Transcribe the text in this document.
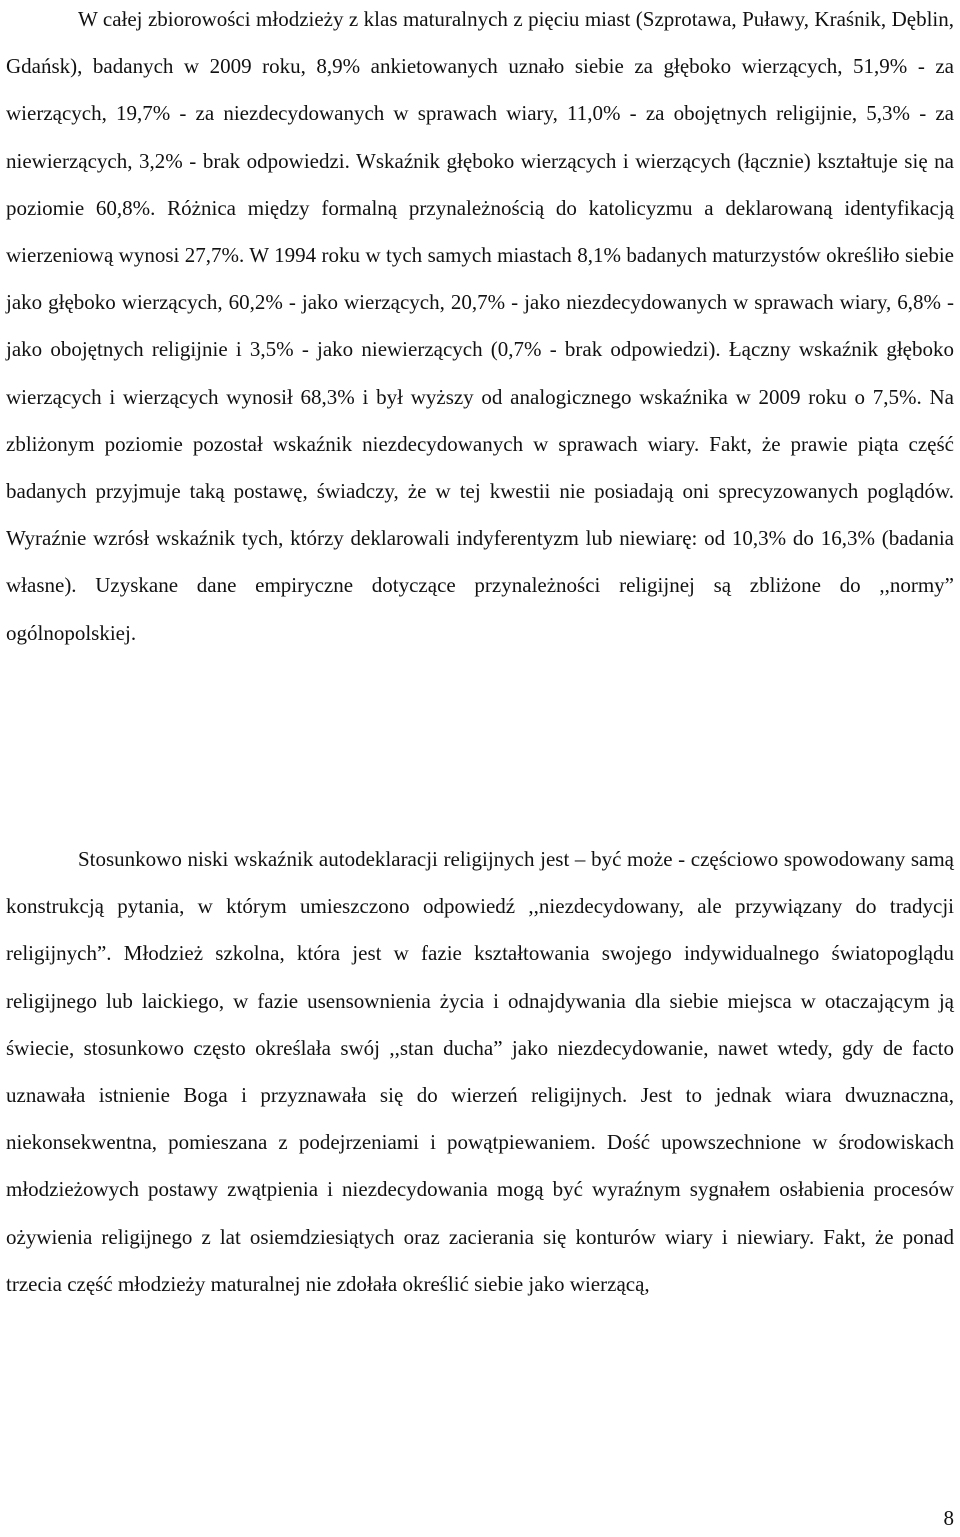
W całej zbiorowości młodzieży z klas maturalnych z pięciu miast (Szprotawa, Puławy, Kraśnik, Dęblin, Gdańsk), badanych w 2009 roku, 8,9% ankietowanych uznało siebie za głęboko wierzących, 51,9% - za wierzących, 19,7% - za niezdecydowanych w sprawach wiary, 11,0% - za obojętnych religijnie, 5,3% - za niewierzących, 3,2% - brak odpowiedzi. Wskaźnik głęboko wierzących i wierzących (łącznie) kształtuje się na poziomie 60,8%. Różnica między formalną przynależnością do katolicyzmu a deklarowaną identyfikacją wierzeniową wynosi 27,7%. W 1994 roku w tych samych miastach 8,1% badanych maturzystów określiło siebie jako głęboko wierzących, 60,2% - jako wierzących, 20,7% - jako niezdecydowanych w sprawach wiary, 6,8% - jako obojętnych religijnie i 3,5% - jako niewierzących (0,7% - brak odpowiedzi). Łączny wskaźnik głęboko wierzących i wierzących wynosił 68,3% i był wyższy od analogicznego wskaźnika w 2009 roku o 7,5%. Na zbliżonym poziomie pozostał wskaźnik niezdecydowanych w sprawach wiary. Fakt, że prawie piąta część badanych przyjmuje taką postawę, świadczy, że w tej kwestii nie posiadają oni sprecyzowanych poglądów. Wyraźnie wzrósł wskaźnik tych, którzy deklarowali indyferentyzm lub niewiarę: od 10,3% do 16,3% (badania własne). Uzyskane dane empiryczne dotyczące przynależności religijnej są zbliżone do ,,normy” ogólnopolskiej.

Stosunkowo niski wskaźnik autodeklaracji religijnych jest – być może - częściowo spowodowany samą konstrukcją pytania, w którym umieszczono odpowiedź ,,niezdecydowany, ale przywiązany do tradycji religijnych”. Młodzież szkolna, która jest w fazie kształtowania swojego indywidualnego światopoglądu religijnego lub laickiego, w fazie usensownienia życia i odnajdywania dla siebie miejsca w otaczającym ją świecie, stosunkowo często określała swój ,,stan ducha” jako niezdecydowanie, nawet wtedy, gdy de facto uznawała istnienie Boga i przyznawała się do wierzeń religijnych. Jest to jednak wiara dwuznaczna, niekonsekwentna, pomieszana z podejrzeniami i powątpiewaniem. Dość upowszechnione w środowiskach młodzieżowych postawy zwątpienia i niezdecydowania mogą być wyraźnym sygnałem osłabienia procesów ożywienia religijnego z lat osiemdziesiątych oraz zacierania się konturów wiary i niewiary. Fakt, że ponad trzecia część młodzieży maturalnej nie zdołała określić siebie jako wierzącą,

8
